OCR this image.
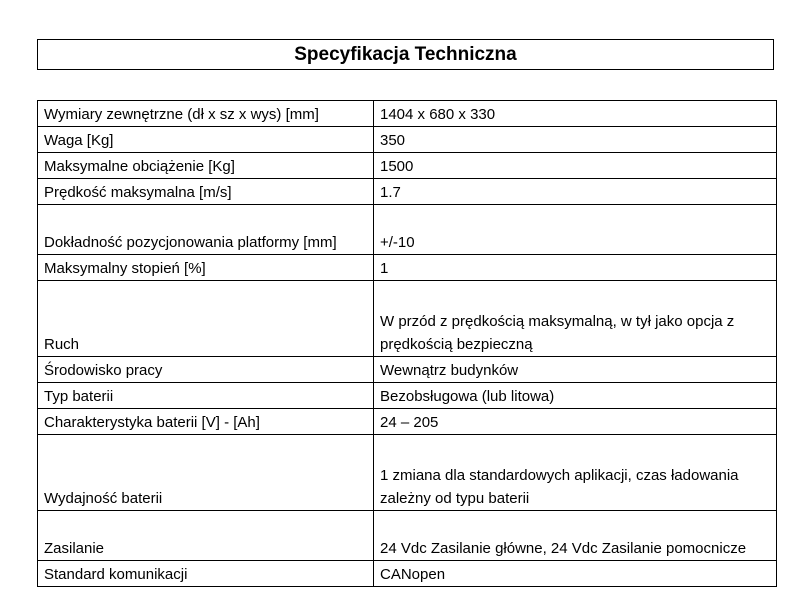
Specyfikacja Techniczna
Wymiary zewnętrzne (dł x sz x wys) [mm]	1404 x 680 x 330
Waga [Kg]	350
Maksymalne obciążenie [Kg]	1500
Prędkość maksymalna [m/s]	1.7
Dokładność pozycjonowania platformy [mm]	+/-10
Maksymalny stopień [%]	1
Ruch	W przód z prędkością maksymalną, w tył jako opcja z prędkością bezpieczną
Środowisko pracy	Wewnątrz budynków
Typ baterii	Bezobsługowa (lub litowa)
Charakterystyka baterii [V] - [Ah]	24 – 205
Wydajność baterii	1 zmiana dla standardowych aplikacji, czas ładowania zależny od typu baterii
Zasilanie	24 Vdc Zasilanie główne, 24 Vdc Zasilanie pomocnicze
Standard komunikacji	CANopen
